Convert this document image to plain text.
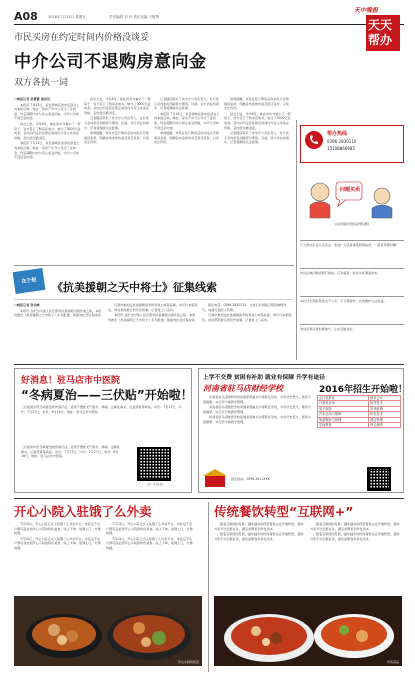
A08	2016年7月15日 星期五	责任编辑 刘 丹 责任美编 王敬贤
天中晚报
天天
帮办
市民买房在约定时间内价格没谈妥
中介公司不退购房意向金
双方各执一词

□晚报记者 孙蕾蕾 通讯员

本报讯 7月13日，家住驿城区的市民孙女士向本报反映，她在一家房产中介公司交了意向金，约定期限内未与房主谈妥价格，中介公司却不退还意向金。

孙女士说，今年6月，她在该中介看中了一套房子，双方签订了购房意向书，她交了3000元意向金。意向书约定若在规定时间内与房主未谈妥价格，意向金全额退还。

本报讯 7月13日，家住驿城区的市民孙女士向本报反映，她在一家房产中介公司交了意向金，约定期限内未与房主谈妥价格，中介公司却不退还意向金。

孙女士说，今年6月，她在该中介看中了一套房子，双方签订了购房意向书，她交了3000元意向金。意向书约定若在规定时间内与房主未谈妥价格，意向金全额退还。

记者随后联系了该中介公司负责人，对方表示意向金需扣除部分费用。目前，双方仍在协商中，记者将继续关注此事。

律师提醒，市民在签订购房意向书时应仔细阅读条款，明确意向金的性质及退还条件，以免发生纠纷。

记者随后联系了该中介公司负责人，对方表示意向金需扣除部分费用。目前，双方仍在协商中，记者将继续关注此事。

本报讯 7月13日，家住驿城区的市民孙女士向本报反映，她在一家房产中介公司交了意向金，约定期限内未与房主谈妥价格，中介公司却不退还意向金。

律师提醒，市民在签订购房意向书时应仔细阅读条款，明确意向金的性质及退还条件，以免发生纠纷。

律师提醒，市民在签订购房意向书时应仔细阅读条款，明确意向金的性质及退还条件，以免发生纠纷。

孙女士说，今年6月，她在该中介看中了一套房子，双方签订了购房意向书，她交了3000元意向金。意向书约定若在规定时间内与房主未谈妥价格，意向金全额退还。

记者随后联系了该中介公司负责人，对方表示意向金需扣除部分费用。目前，双方仍在协商中，记者将继续关注此事。

帮办热线
0396-2830110
15108866685
问题买卖
(线索提供者将获得报酬)
天天帮办栏目关注民生，欢迎广大读者提供新闻线索，一经采用即付酬。
市民反映问题请拨打热线，记者将第一时间为您调查核实。
本栏目长期征集身边不公平、不合理现象，共同维护合法权益。
欢迎各界读者积极参与，让生活更美好。
在于赵	《抗美援朝之天中将士》征集线索

□晚报记者 张会峰

本报讯 在纪念中国人民志愿军抗美援朝出国作战之际，本报特推出《抗美援朝之天中将士》系列报道，现面向社会征集线索。

凡我市参加过抗美援朝战争的老战士或其家属，均可与本报联系，讲述那段难忘的历史故事，记者将上门采访。

本报讯 在纪念中国人民志愿军抗美援朝出国作战之际，本报特推出《抗美援朝之天中将士》系列报道，现面向社会征集线索。

联系电话：0396-2830110。让我们共同铭记那段峥嵘岁月，向最可爱的人致敬。

凡我市参加过抗美援朝战争的老战士或其家属，均可与本报联系，讲述那段难忘的历史故事，记者将上门采访。

好消息！驻马店市中医院
“冬病夏治——三伏贴”开始啦！
三伏贴是中医冬病夏治的传统疗法，适用于慢性支气管炎、哮喘、过敏性鼻炎、反复感冒等病症。初伏：7月17日，中伏：7月27日，末伏：8月16日。地址：驻马店市中医院。
三伏贴是中医冬病夏治的传统疗法，适用于慢性支气管炎、哮喘、过敏性鼻炎、反复感冒等病症。初伏：7月17日，中伏：7月27日，末伏：8月16日。地址：驻马店市中医院。
扫一扫关注
上学不交费 贫困有补助 就业有保障 升学有途径
河南省驻马店财经学校	2016年招生开始啦！

河南省驻马店财经学校是国家级重点中等职业学校，办学历史悠久，师资力量雄厚，实行学分制教学管理。

河南省驻马店财经学校是国家级重点中等职业学校，办学历史悠久，师资力量雄厚，实行学分制教学管理。

河南省驻马店财经学校是国家级重点中等职业学校，办学历史悠久，师资力量雄厚，实行学分制教学管理。

会计电算化	财务会计
计算机应用	软件技术
电子商务	市场营销
汽车运用与维修	机电技术
旅游服务与管理	酒店管理
学前教育	幼儿保育
招生热线：0396-2611XXX
开心小院入驻饿了么外卖

7月13日，开心小院正式入驻饿了么外卖平台，市民足不出户即可品尝到开心小院的特色美食。线上下单，送餐上门，方便快捷。

7月13日，开心小院正式入驻饿了么外卖平台，市民足不出户即可品尝到开心小院的特色美食。线上下单，送餐上门，方便快捷。

7月13日，开心小院正式入驻饿了么外卖平台，市民足不出户即可品尝到开心小院的特色美食。线上下单，送餐上门，方便快捷。

7月13日，开心小院正式入驻饿了么外卖平台，市民足不出户即可品尝到开心小院的特色美食。线上下单，送餐上门，方便快捷。

开心小院特色菜
传统餐饮转型“互联网+”

随着互联网的发展，越来越多的传统餐饮企业开始转型，借助外卖平台拓展业务，满足消费者多样化需求。

随着互联网的发展，越来越多的传统餐饮企业开始转型，借助外卖平台拓展业务，满足消费者多样化需求。

随着互联网的发展，越来越多的传统餐饮企业开始转型，借助外卖平台拓展业务，满足消费者多样化需求。

随着互联网的发展，越来越多的传统餐饮企业开始转型，借助外卖平台拓展业务，满足消费者多样化需求。

外卖菜品
